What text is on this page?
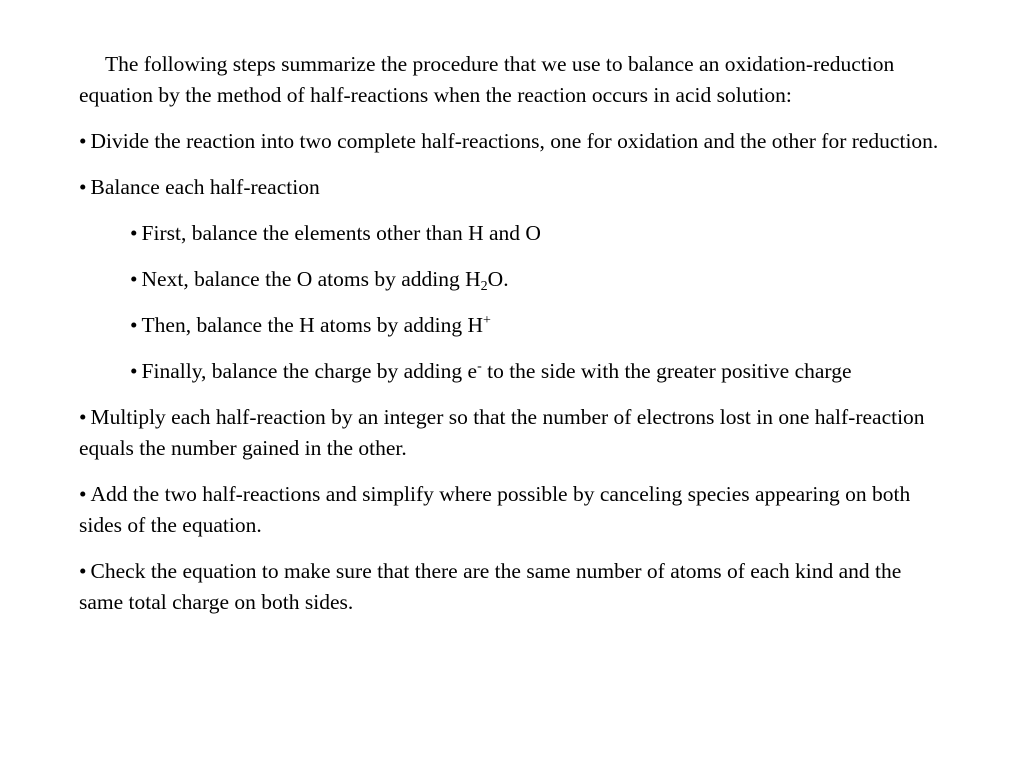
The following steps summarize the procedure that we use to balance an oxidation-reduction equation by the method of half-reactions when the reaction occurs in acid solution:

• Divide the reaction into two complete half-reactions, one for oxidation and the other for reduction.

• Balance each half-reaction

• First, balance the elements other than H and O

• Next, balance the O atoms by adding $H_2O$.

• Then, balance the H atoms by adding H+

• Finally, balance the charge by adding e- to the side with the greater positive charge

• Multiply each half-reaction by an integer so that the number of electrons lost in one half-reaction equals the number gained in the other.

• Add the two half-reactions and simplify where possible by canceling species appearing on both sides of the equation.

• Check the equation to make sure that there are the same number of atoms of each kind and the same total charge on both sides.
